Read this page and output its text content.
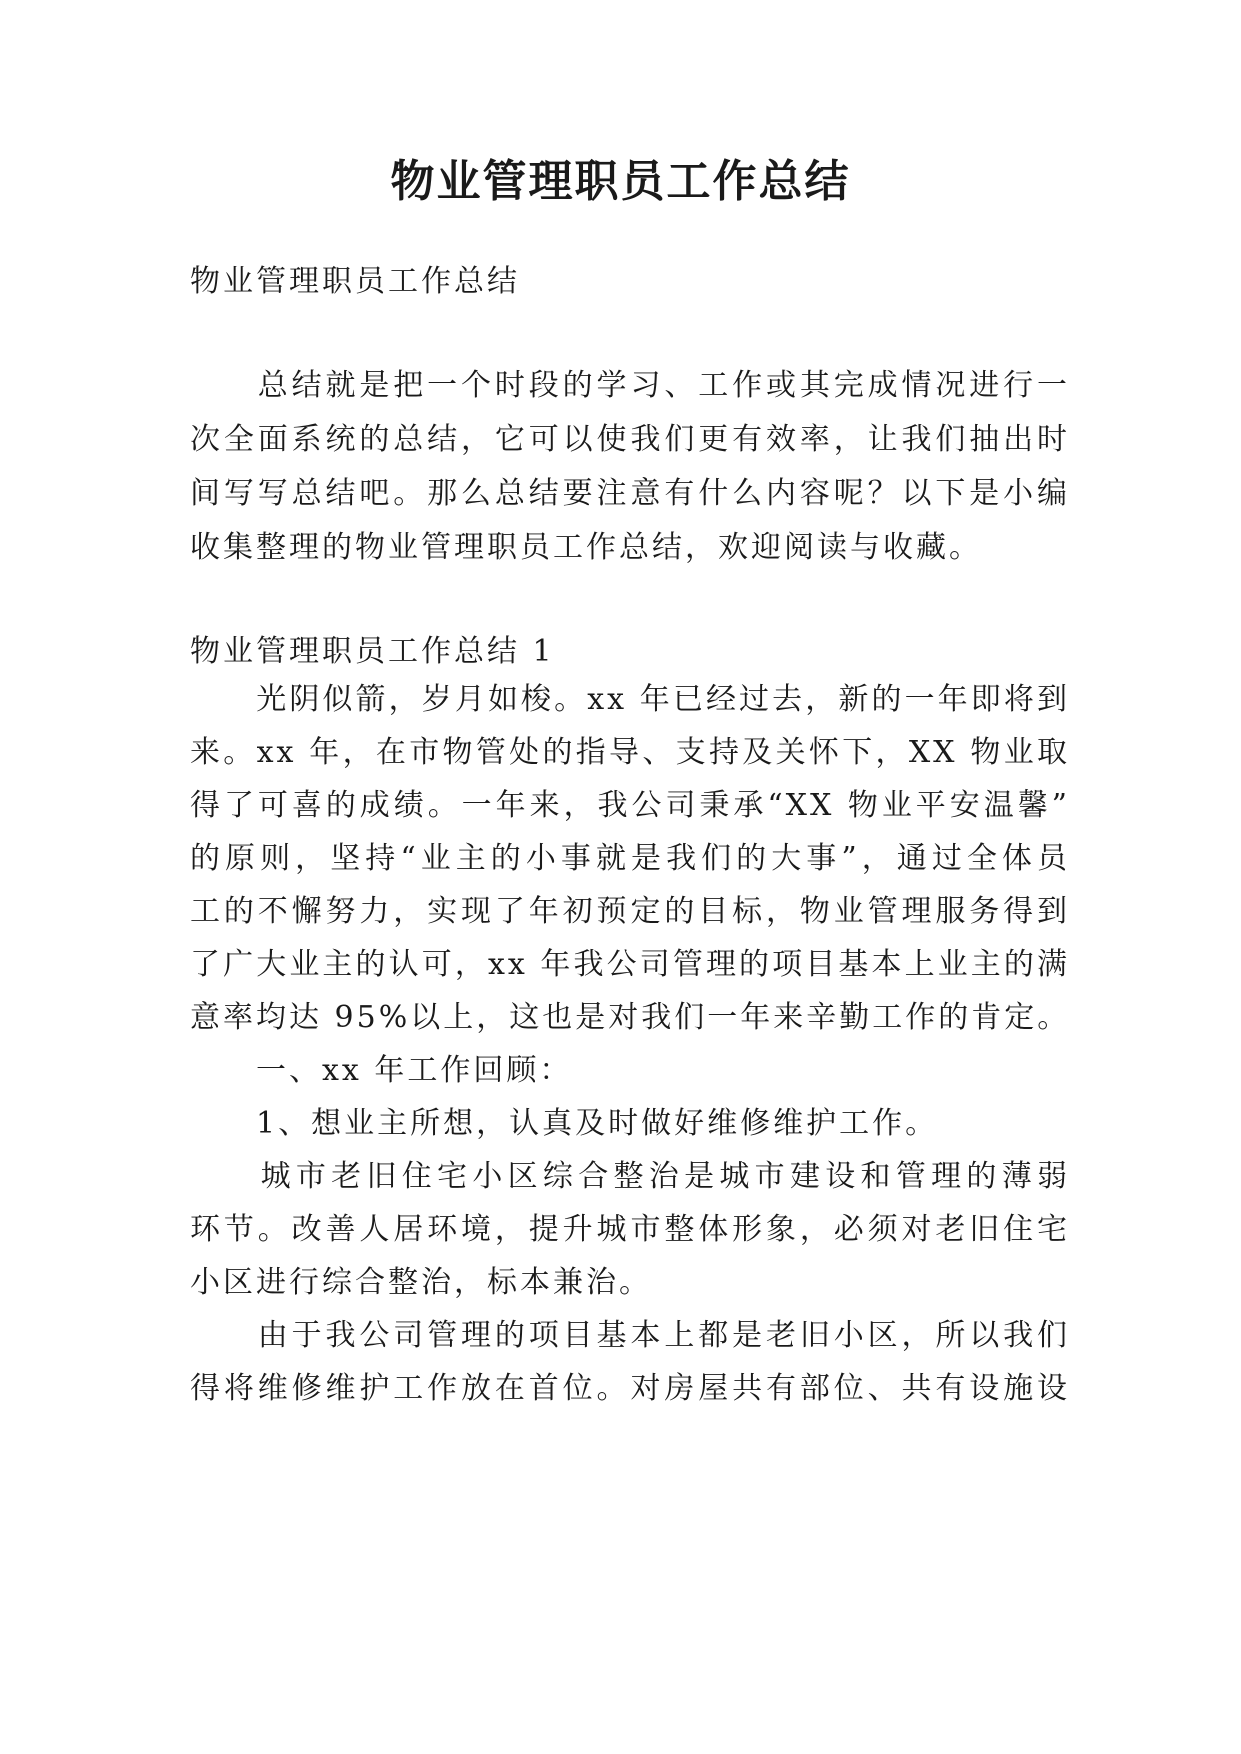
物业管理职员工作总结
物业管理职员工作总结
　　总结就是把一个时段的学习、工作或其完成情况进行一
次全面系统的总结，它可以使我们更有效率，让我们抽出时
间写写总结吧。那么总结要注意有什么内容呢？以下是小编
收集整理的物业管理职员工作总结，欢迎阅读与收藏。
物业管理职员工作总结 1
　　光阴似箭，岁月如梭。xx 年已经过去，新的一年即将到
来。xx 年，在市物管处的指导、支持及关怀下，XX 物业取
得了可喜的成绩。一年来，我公司秉承“XX 物业平安温馨”
的原则，坚持“业主的小事就是我们的大事”，通过全体员
工的不懈努力，实现了年初预定的目标，物业管理服务得到
了广大业主的认可，xx 年我公司管理的项目基本上业主的满
意率均达 95%以上，这也是对我们一年来辛勤工作的肯定。
　　一、xx 年工作回顾：
　　1、想业主所想，认真及时做好维修维护工作。
　　城市老旧住宅小区综合整治是城市建设和管理的薄弱
环节。改善人居环境，提升城市整体形象，必须对老旧住宅
小区进行综合整治，标本兼治。
　　由于我公司管理的项目基本上都是老旧小区，所以我们
得将维修维护工作放在首位。对房屋共有部位、共有设施设
